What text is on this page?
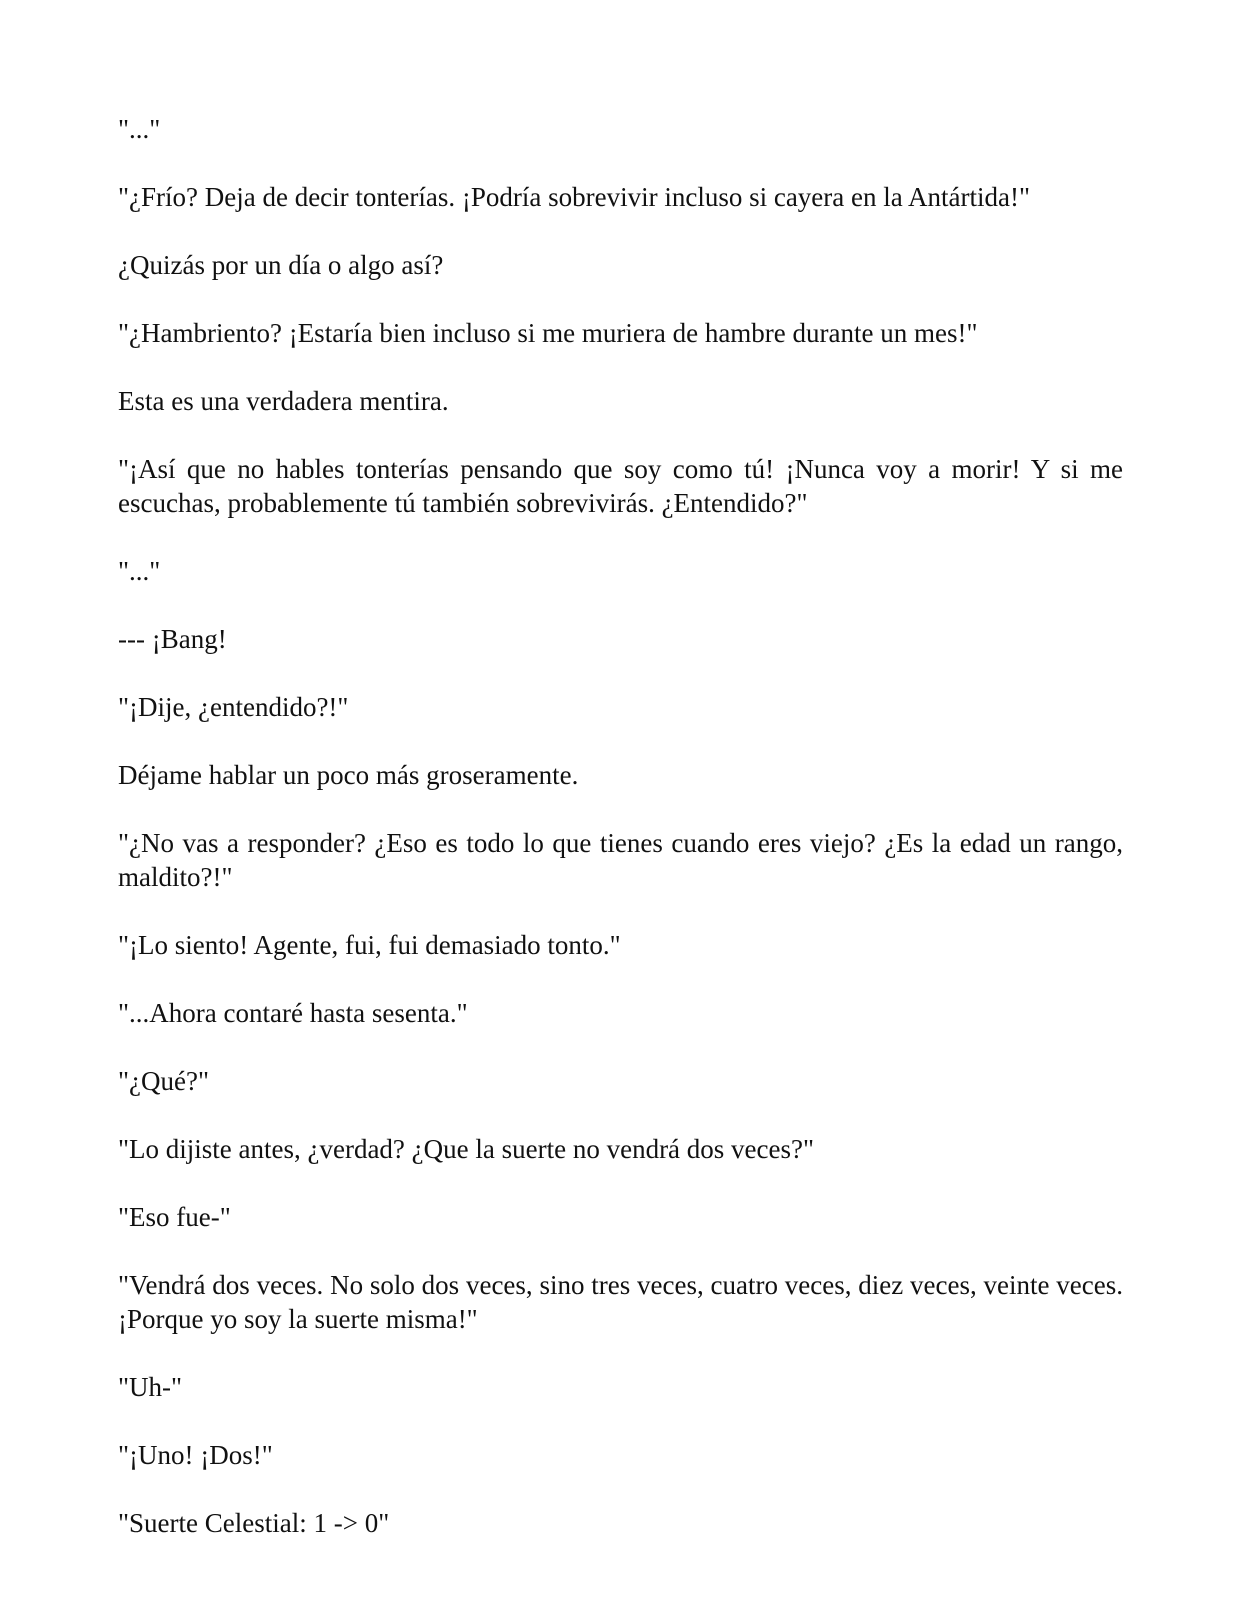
"..."

"¿Frío? Deja de decir tonterías. ¡Podría sobrevivir incluso si cayera en la Antártida!"

¿Quizás por un día o algo así?

"¿Hambriento? ¡Estaría bien incluso si me muriera de hambre durante un mes!"

Esta es una verdadera mentira.

"¡Así que no hables tonterías pensando que soy como tú! ¡Nunca voy a morir! Y si me escuchas, probablemente tú también sobrevivirás. ¿Entendido?"

"..."

--- ¡Bang!

"¡Dije, ¿entendido?!"

Déjame hablar un poco más groseramente.

"¿No vas a responder? ¿Eso es todo lo que tienes cuando eres viejo? ¿Es la edad un rango, maldito?!"

"¡Lo siento! Agente, fui, fui demasiado tonto."

"...Ahora contaré hasta sesenta."

"¿Qué?"

"Lo dijiste antes, ¿verdad? ¿Que la suerte no vendrá dos veces?"

"Eso fue-"

"Vendrá dos veces. No solo dos veces, sino tres veces, cuatro veces, diez veces, veinte veces. ¡Porque yo soy la suerte misma!"

"Uh-"

"¡Uno! ¡Dos!"

"Suerte Celestial: 1 -> 0"
